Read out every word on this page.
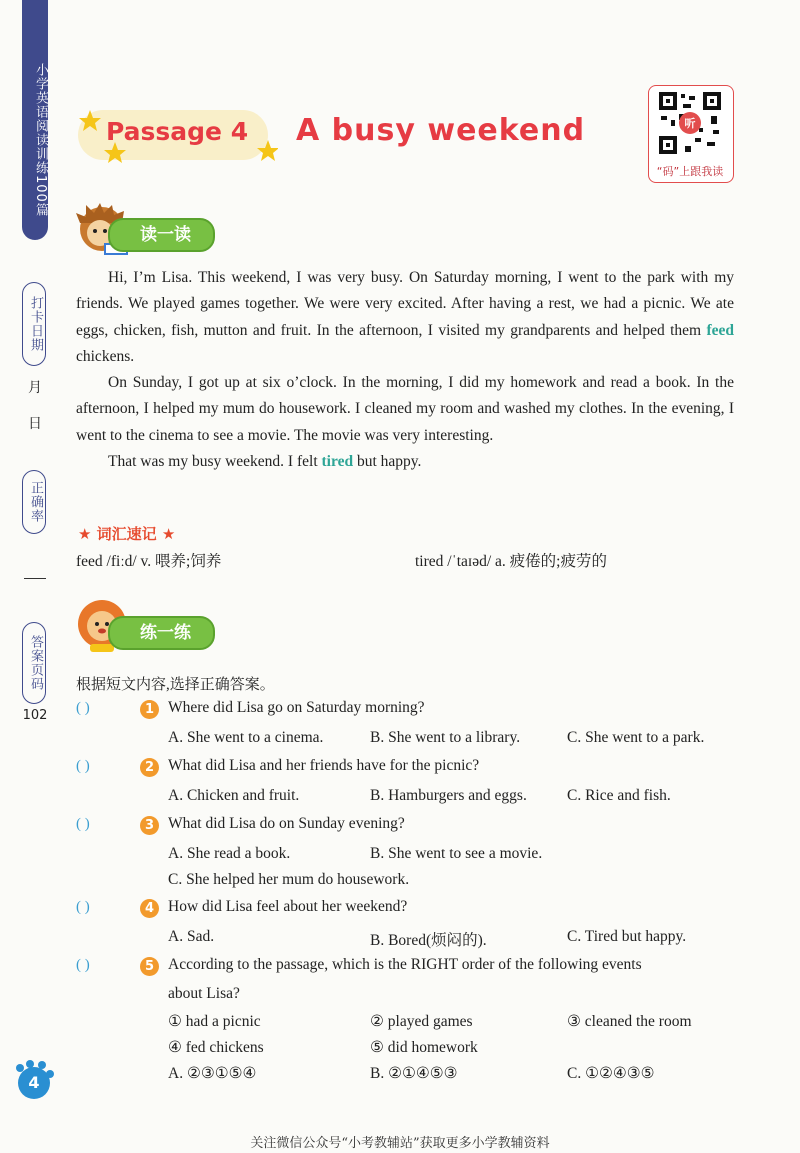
小学英语阅读训练100篇
打卡日期
月
日
正确率
答案页码
102
Passage 4 A busy weekend	听
“码”上跟我读
读一读

Hi, I’m Lisa. This weekend, I was very busy. On Saturday morning, I went to the park with my friends. We played games together. We were very excited. After having a rest, we had a picnic. We ate eggs, chicken, fish, mutton and fruit. In the afternoon, I visited my grandparents and helped them feed chickens.

On Sunday, I got up at six o’clock. In the morning, I did my homework and read a book. In the afternoon, I helped my mum do housework. I cleaned my room and washed my clothes. In the evening, I went to the cinema to see a movie. The movie was very interesting.

That was my busy weekend. I felt tired but happy.

★ 词汇速记 ★
feed /fiːd/ v. 喂养;饲养	tired /ˈtaɪəd/ a. 疲倦的;疲劳的
练一练
根据短文内容,选择正确答案。
( )	1 Where did Lisa go on Saturday morning?
A. She went to a cinema.	B. She went to a library.	C. She went to a park.
( )	2 What did Lisa and her friends have for the picnic?
A. Chicken and fruit.	B. Hamburgers and eggs.	C. Rice and fish.
( )	3 What did Lisa do on Sunday evening?
A. She read a book.	B. She went to see a movie.
C. She helped her mum do housework.
( )	4 How did Lisa feel about her weekend?
A. Sad.	B. Bored(烦闷的).	C. Tired but happy.
( )	5 According to the passage, which is the RIGHT order of the following events
about Lisa?
① had a picnic	② played games	③ cleaned the room
④ fed chickens	⑤ did homework
A. ②③①⑤④	B. ②①④⑤③	C. ①②④③⑤
4
关注微信公众号“小考教辅站”获取更多小学教辅资料
